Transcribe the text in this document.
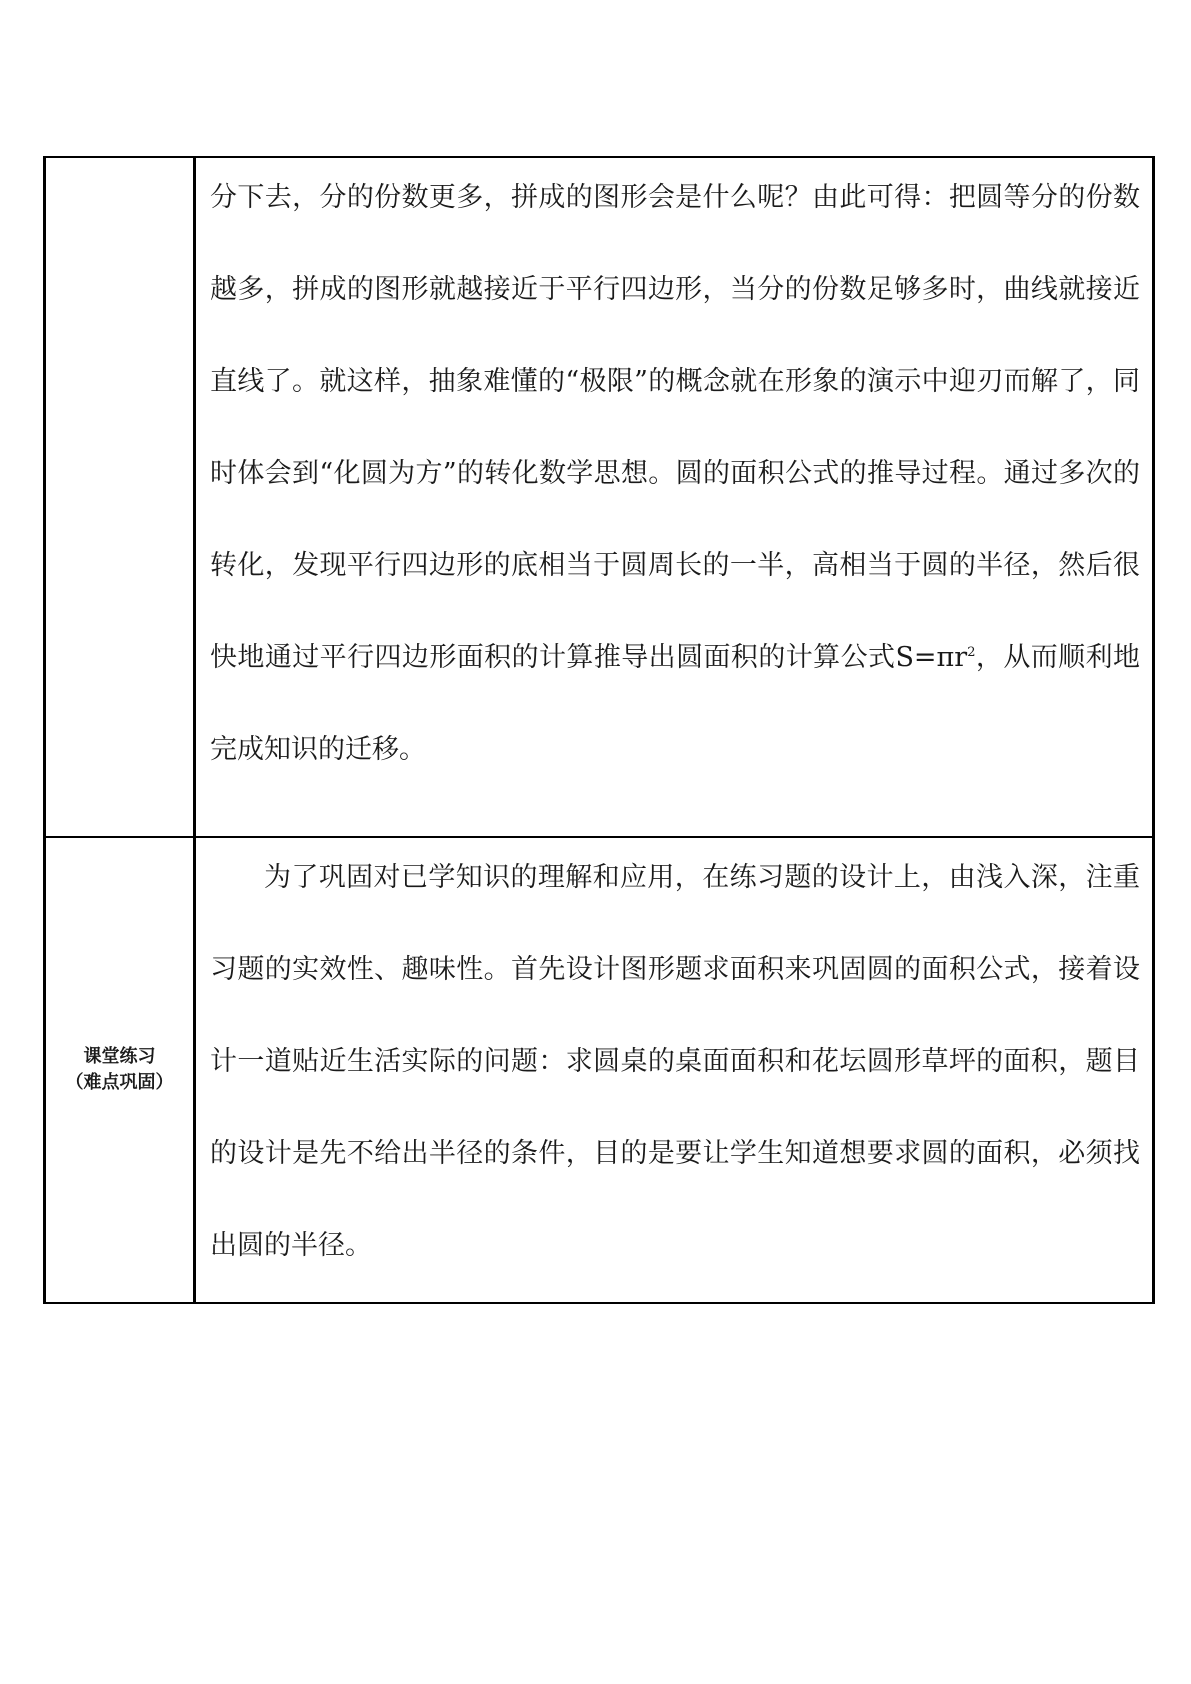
	分下去，分的份数更多，拼成的图形会是什么呢？由此可得：把圆等分的份数越多，拼成的图形就越接近于平行四边形，当分的份数足够多时，曲线就接近直线了。就这样，抽象难懂的“极限”的概念就在形象的演示中迎刃而解了，同时体会到“化圆为方”的转化数学思想。圆的面积公式的推导过程。通过多次的转化，发现平行四边形的底相当于圆周长的一半，高相当于圆的半径，然后很快地通过平行四边形面积的计算推导出圆面积的计算公式$S=\pi r^2$，从而顺利地完成知识的迁移。

课堂练习
（难点巩固）	为了巩固对已学知识的理解和应用，在练习题的设计上，由浅入深，注重习题的实效性、趣味性。首先设计图形题求面积来巩固圆的面积公式，接着设计一道贴近生活实际的问题：求圆桌的桌面面积和花坛圆形草坪的面积，题目的设计是先不给出半径的条件，目的是要让学生知道想要求圆的面积，必须找出圆的半径。
